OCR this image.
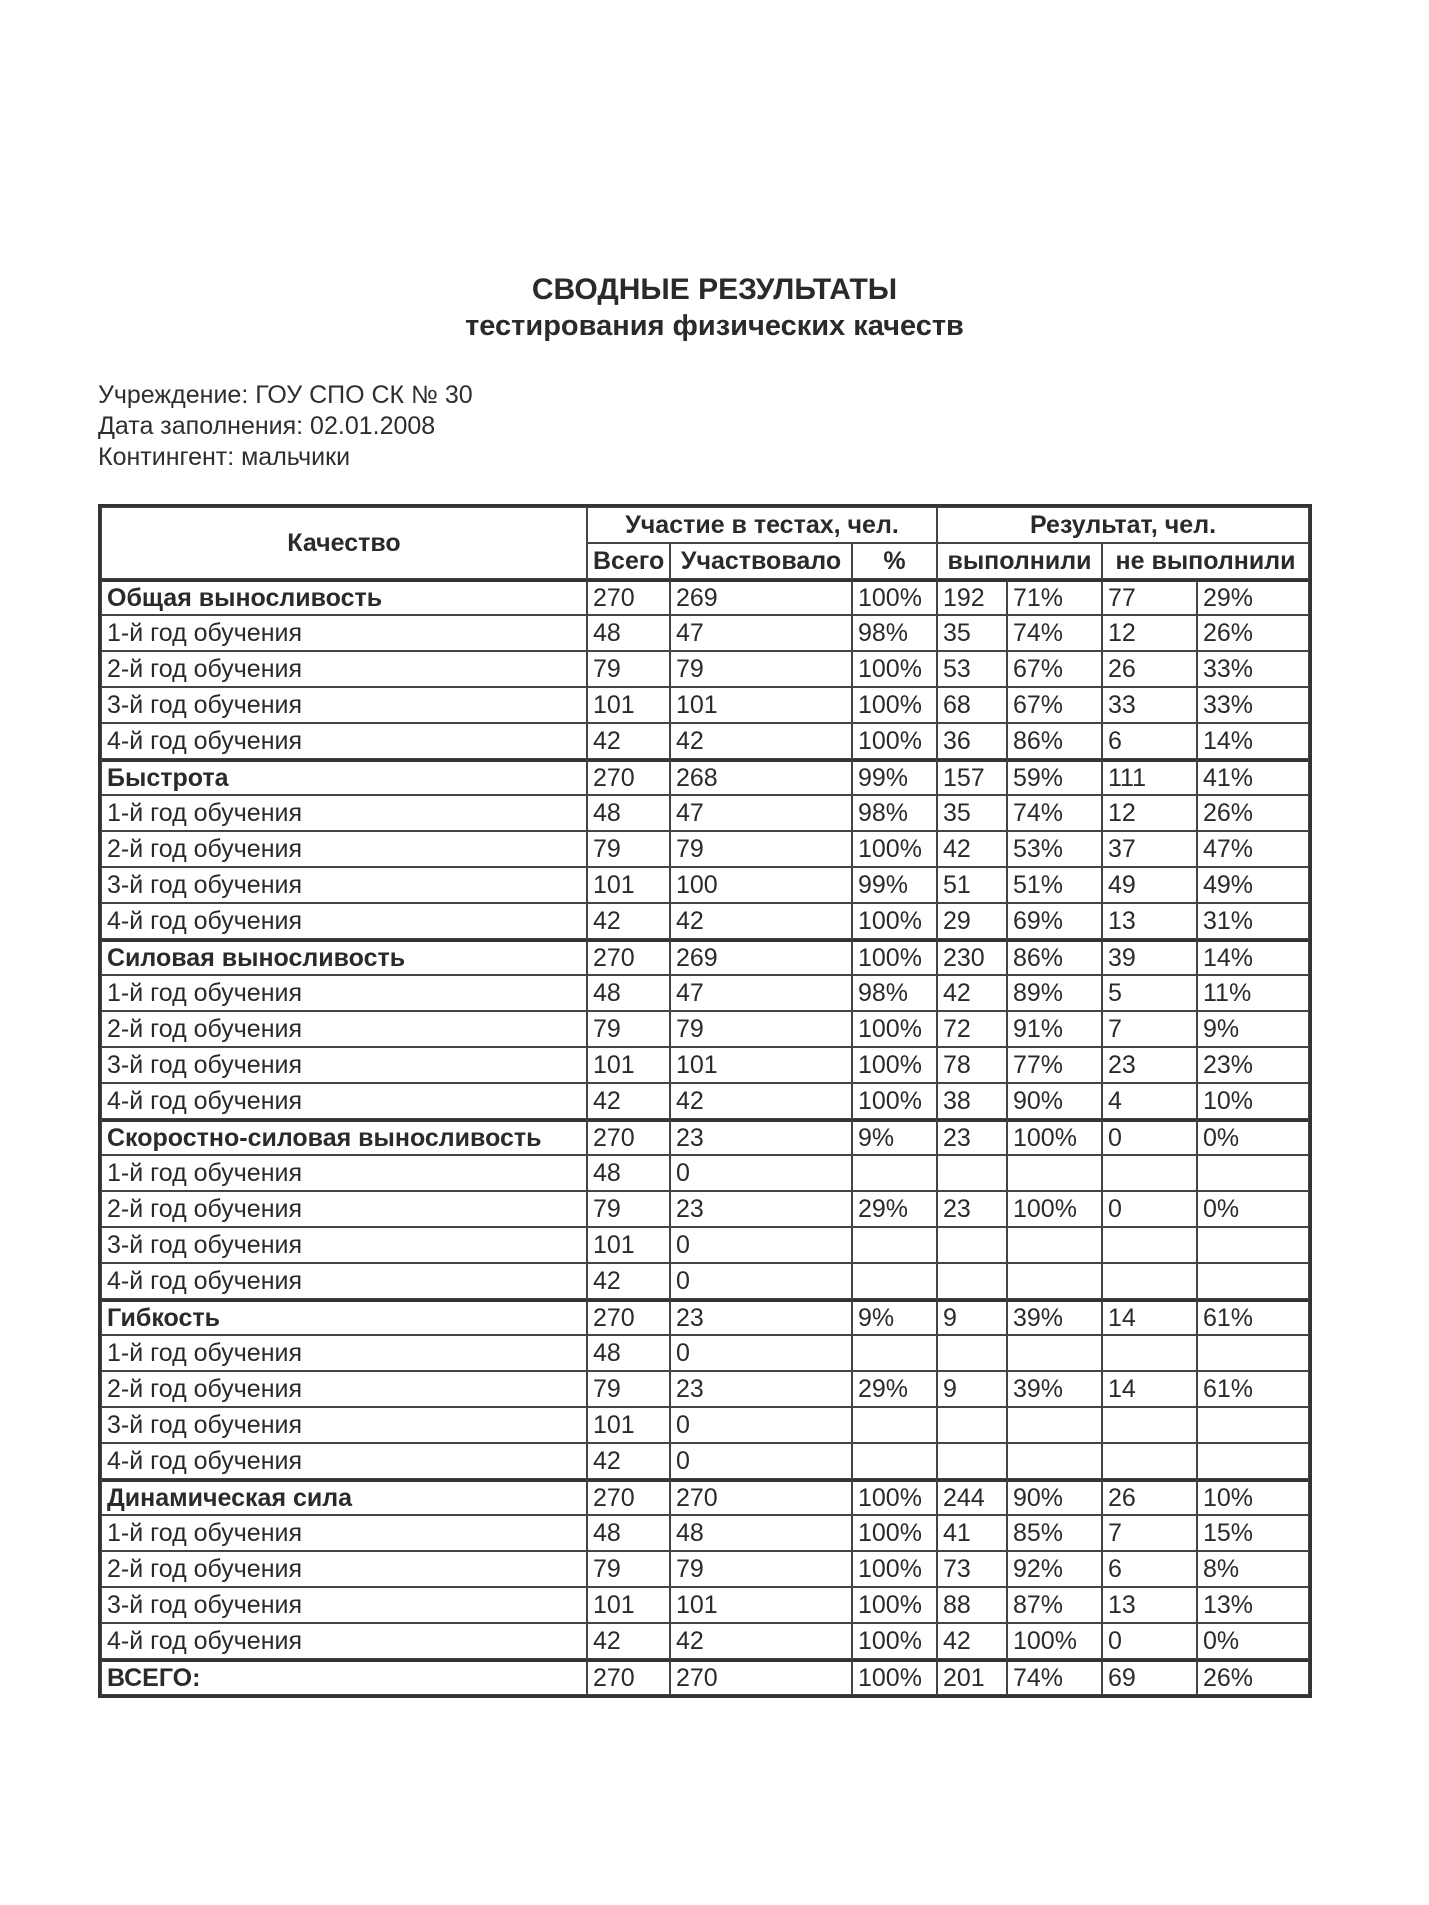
СВОДНЫЕ РЕЗУЛЬТАТЫ
тестирования физических качеств
Учреждение: ГОУ СПО СК № 30
Дата заполнения: 02.01.2008
Контингент: мальчики
Качество	Участие в тестах, чел.			Результат, чел.			
	Всего	Участвовало	%	выполнили		не выполнили	
Общая выносливость	270	269	100%	192	71%	77	29%
1-й год обучения	48	47	98%	35	74%	12	26%
2-й год обучения	79	79	100%	53	67%	26	33%
3-й год обучения	101	101	100%	68	67%	33	33%
4-й год обучения	42	42	100%	36	86%	6	14%
Быстрота	270	268	99%	157	59%	111	41%
1-й год обучения	48	47	98%	35	74%	12	26%
2-й год обучения	79	79	100%	42	53%	37	47%
3-й год обучения	101	100	99%	51	51%	49	49%
4-й год обучения	42	42	100%	29	69%	13	31%
Силовая выносливость	270	269	100%	230	86%	39	14%
1-й год обучения	48	47	98%	42	89%	5	11%
2-й год обучения	79	79	100%	72	91%	7	9%
3-й год обучения	101	101	100%	78	77%	23	23%
4-й год обучения	42	42	100%	38	90%	4	10%
Скоростно-силовая выносливость	270	23	9%	23	100%	0	0%
1-й год обучения	48	0					
2-й год обучения	79	23	29%	23	100%	0	0%
3-й год обучения	101	0					
4-й год обучения	42	0					
Гибкость	270	23	9%	9	39%	14	61%
1-й год обучения	48	0					
2-й год обучения	79	23	29%	9	39%	14	61%
3-й год обучения	101	0					
4-й год обучения	42	0					
Динамическая сила	270	270	100%	244	90%	26	10%
1-й год обучения	48	48	100%	41	85%	7	15%
2-й год обучения	79	79	100%	73	92%	6	8%
3-й год обучения	101	101	100%	88	87%	13	13%
4-й год обучения	42	42	100%	42	100%	0	0%
ВСЕГО:	270	270	100%	201	74%	69	26%
